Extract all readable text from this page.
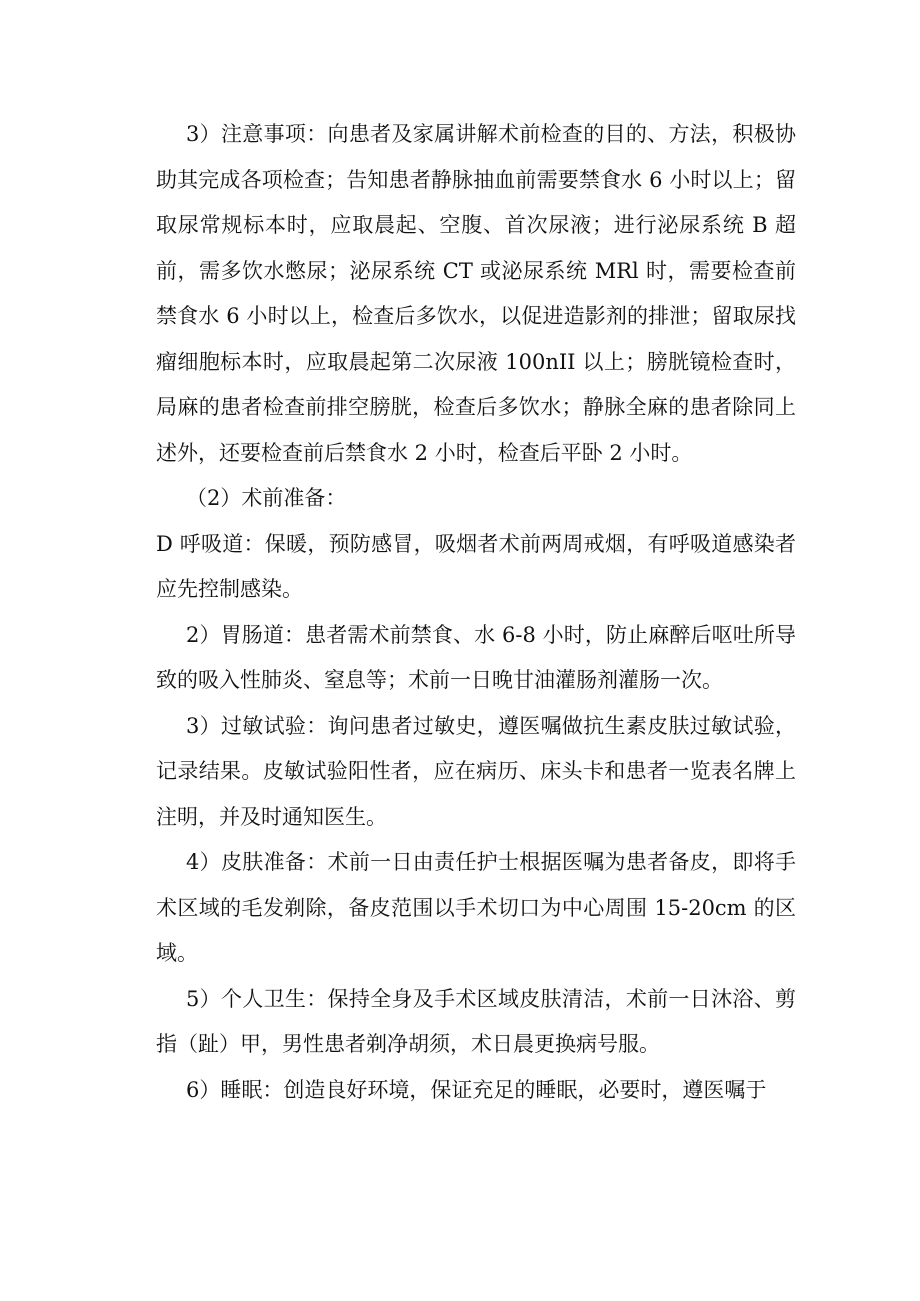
3）注意事项：向患者及家属讲解术前检查的目的、方法，积极协助其完成各项检查；告知患者静脉抽血前需要禁食水 6 小时以上；留取尿常规标本时，应取晨起、空腹、首次尿液；进行泌尿系统 B 超前，需多饮水憋尿；泌尿系统 CT 或泌尿系统 MRl 时，需要检查前禁食水 6 小时以上，检查后多饮水，以促进造影剂的排泄；留取尿找瘤细胞标本时，应取晨起第二次尿液 100nII 以上；膀胱镜检查时，局麻的患者检查前排空膀胱，检查后多饮水；静脉全麻的患者除同上述外，还要检查前后禁食水 2 小时，检查后平卧 2 小时。

（2）术前准备：

D 呼吸道：保暖，预防感冒，吸烟者术前两周戒烟，有呼吸道感染者应先控制感染。

2）胃肠道：患者需术前禁食、水 6-8 小时，防止麻醉后呕吐所导致的吸入性肺炎、窒息等；术前一日晚甘油灌肠剂灌肠一次。

3）过敏试验：询问患者过敏史，遵医嘱做抗生素皮肤过敏试验，记录结果。皮敏试验阳性者，应在病历、床头卡和患者一览表名牌上注明，并及时通知医生。

4）皮肤准备：术前一日由责任护士根据医嘱为患者备皮，即将手术区域的毛发剃除，备皮范围以手术切口为中心周围 15-20cm 的区域。

5）个人卫生：保持全身及手术区域皮肤清洁，术前一日沐浴、剪指（趾）甲，男性患者剃净胡须，术日晨更换病号服。

6）睡眠：创造良好环境，保证充足的睡眠，必要时，遵医嘱于
